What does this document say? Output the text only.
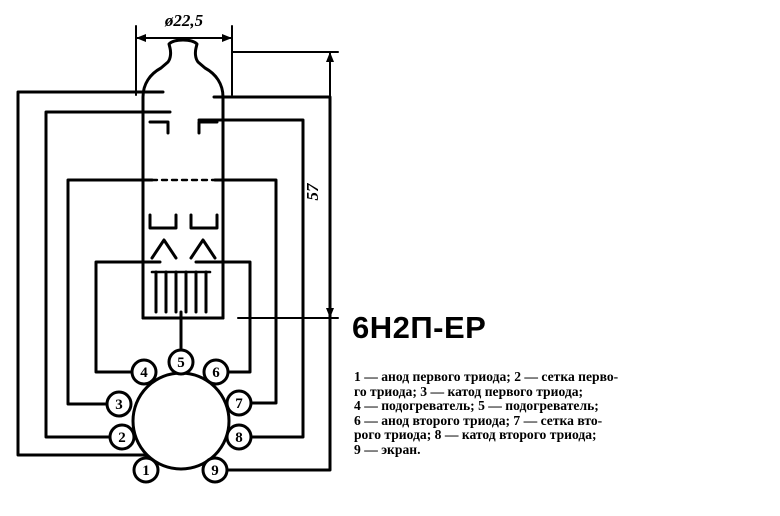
1
2
3
4
5
6
7
8
9
ø22,5
57
6Н2П-ЕР
1 — анод первого триода; 2 — сетка перво-
го триода; 3 — катод первого триода;
4 — подогреватель; 5 — подогреватель;
6 — анод второго триода; 7 — сетка вто-
рого триода; 8 — катод второго триода;
9 — экран.
